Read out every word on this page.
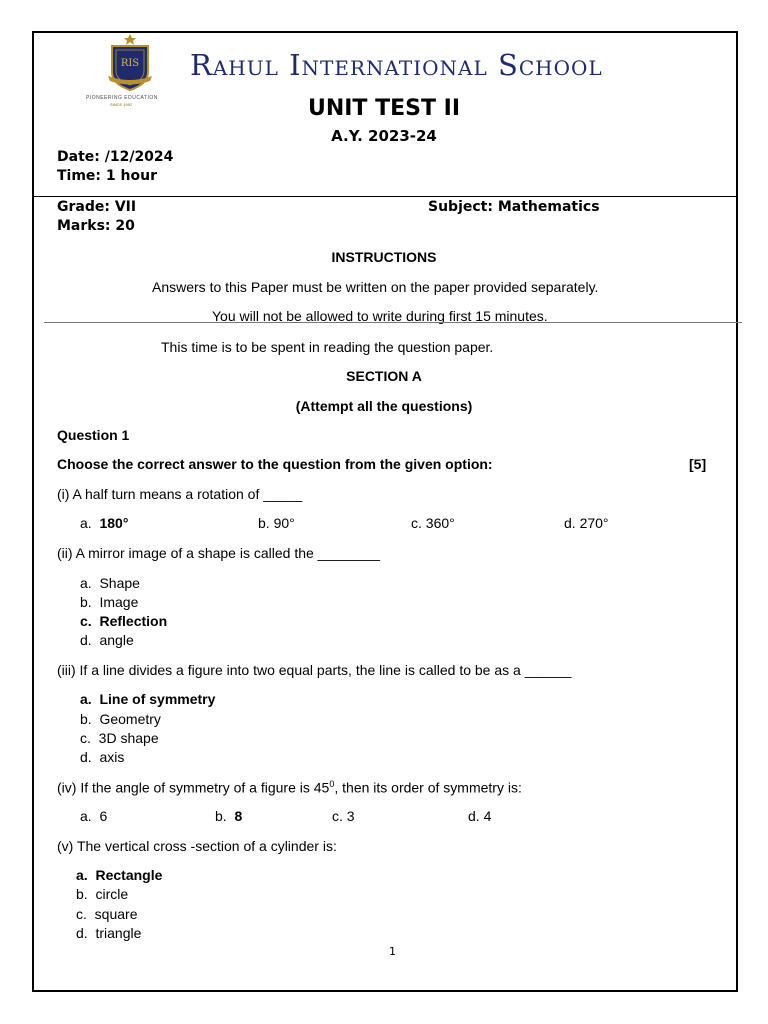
RIS
PIONEERING EDUCATION
SINCE 1992
Rahul International School
UNIT TEST II
A.Y. 2023-24
Date: /12/2024
Time: 1 hour
Grade: VII
Marks: 20
Subject: Mathematics
INSTRUCTIONS
Answers to this Paper must be written on the paper provided separately.
You will not be allowed to write during first 15 minutes.
This time is to be spent in reading the question paper.
SECTION A
(Attempt all the questions)
Question 1
Choose the correct answer to the question from the given option:	[5]
(i) A half turn means a rotation of _____
a. 180°	b. 90°	c. 360°	d. 270°
(ii) A mirror image of a shape is called the ________
a. Shape
b. Image
c. Reflection
d. angle
(iii) If a line divides a figure into two equal parts, the line is called to be as a ______
a. Line of symmetry
b. Geometry
c. 3D shape
d. axis
(iv) If the angle of symmetry of a figure is $45^0$, then its order of symmetry is:
a. 6	b. 8	c. 3	d. 4
(v) The vertical cross -section of a cylinder is:
a. Rectangle
b. circle
c. square
d. triangle
1
